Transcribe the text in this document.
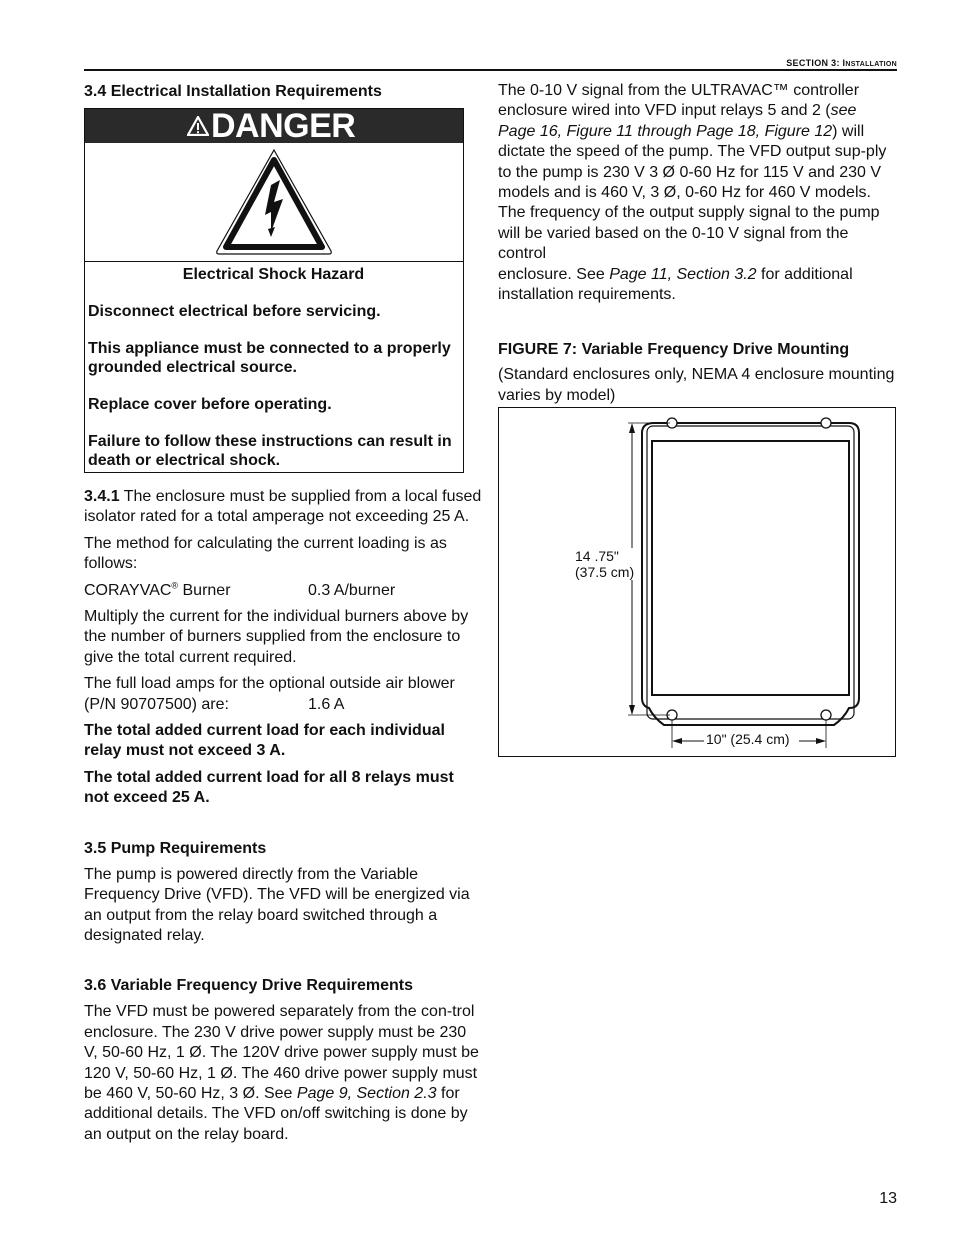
SECTION 3: INSTALLATION
3.4 Electrical Installation Requirements
DANGER

Electrical Shock Hazard

Disconnect electrical before servicing.

This appliance must be connected to a properly grounded electrical source.

Replace cover before operating.

Failure to follow these instructions can result in death or electrical shock.

3.4.1 The enclosure must be supplied from a local fused isolator rated for a total amperage not exceeding 25 A.

The method for calculating the current loading is as follows:

CORAYVAC® Burner	0.3 A/burner

Multiply the current for the individual burners above by the number of burners supplied from the enclosure to give the total current required.

The full load amps for the optional outside air blower

(P/N 90707500) are:	1.6 A

The total added current load for each individual relay must not exceed 3 A.

The total added current load for all 8 relays must not exceed 25 A.

3.5 Pump Requirements

The pump is powered directly from the Variable Frequency Drive (VFD). The VFD will be energized via an output from the relay board switched through a designated relay.

3.6 Variable Frequency Drive Requirements

The VFD must be powered separately from the con-trol enclosure. The 230 V drive power supply must be 230 V, 50-60 Hz, 1 Ø. The 120V drive power supply must be 120 V, 50-60 Hz, 1 Ø. The 460 drive power supply must be 460 V, 50-60 Hz, 3 Ø. See Page 9, Section 2.3 for additional details. The VFD on/off switching is done by an output on the relay board.

The 0-10 V signal from the ULTRAVAC™ controller enclosure wired into VFD input relays 5 and 2 (see Page 16, Figure 11 through Page 18, Figure 12) will dictate the speed of the pump. The VFD output sup-ply to the pump is 230 V 3 Ø 0-60 Hz for 115 V and 230 V models and is 460 V, 3 Ø, 0-60 Hz for 460 V models. The frequency of the output supply signal to the pump will be varied based on the 0-10 V signal from the control

enclosure. See Page 11, Section 3.2 for additional installation requirements.

FIGURE 7: Variable Frequency Drive Mounting

(Standard enclosures only, NEMA 4 enclosure mounting varies by model)

14 .75"
(37.5 cm)
10" (25.4 cm)
13
